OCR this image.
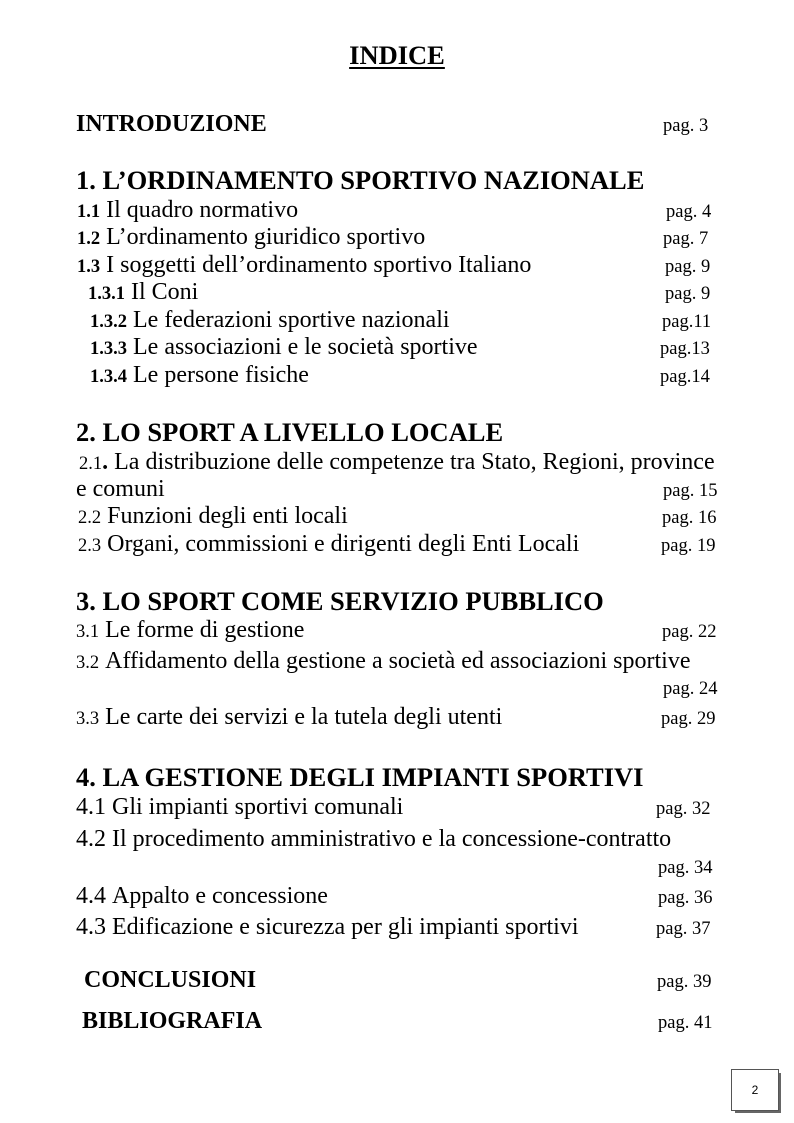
INDICE
INTRODUZIONE	pag. 3
1. L’ORDINAMENTO SPORTIVO NAZIONALE
1.1 Il quadro normativo	pag. 4
1.2 L’ordinamento giuridico sportivo	pag. 7
1.3 I soggetti dell’ordinamento sportivo Italiano	pag. 9
1.3.1 Il Coni	pag. 9
1.3.2 Le federazioni sportive nazionali	pag.11
1.3.3 Le associazioni e le società sportive	pag.13
1.3.4 Le persone fisiche	pag.14
2. LO SPORT A LIVELLO LOCALE
2.1. La distribuzione delle competenze tra Stato, Regioni, province
e comuni	pag. 15
2.2 Funzioni degli enti locali	pag. 16
2.3 Organi, commissioni e dirigenti degli Enti Locali	pag. 19
3. LO SPORT COME SERVIZIO PUBBLICO
3.1 Le forme di gestione	pag. 22
3.2 Affidamento della gestione a società ed associazioni sportive
pag. 24
3.3 Le carte dei servizi e la tutela degli utenti	pag. 29
4. LA GESTIONE DEGLI IMPIANTI SPORTIVI
4.1 Gli impianti sportivi comunali	pag. 32
4.2 Il procedimento amministrativo e la concessione-contratto
pag. 34
4.4 Appalto e concessione	pag. 36
4.3 Edificazione e sicurezza per gli impianti sportivi	pag. 37
CONCLUSIONI	pag. 39
BIBLIOGRAFIA	pag. 41
2
